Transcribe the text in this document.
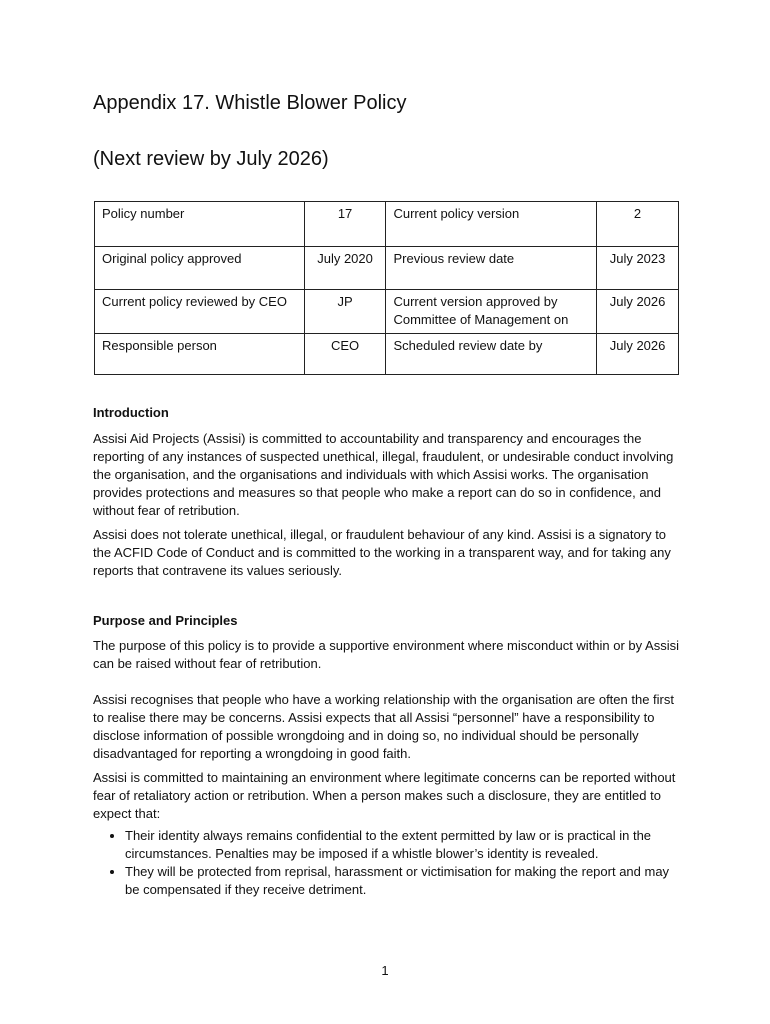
Appendix 17. Whistle Blower Policy
(Next review by July 2026)
Policy number	17	Current policy version	2
Original policy approved	July 2020	Previous review date	July 2023
Current policy reviewed by CEO	JP	Current version approved by Committee of Management on	July 2026
Responsible person	CEO	Scheduled review date by	July 2026
Introduction

Assisi Aid Projects (Assisi) is committed to accountability and transparency and encourages the reporting of any instances of suspected unethical, illegal, fraudulent, or undesirable conduct involving the organisation, and the organisations and individuals with which Assisi works. The organisation provides protections and measures so that people who make a report can do so in confidence, and without fear of retribution.

Assisi does not tolerate unethical, illegal, or fraudulent behaviour of any kind. Assisi is a signatory to the ACFID Code of Conduct and is committed to the working in a transparent way, and for taking any reports that contravene its values seriously.

Purpose and Principles

The purpose of this policy is to provide a supportive environment where misconduct within or by Assisi can be raised without fear of retribution.

Assisi recognises that people who have a working relationship with the organisation are often the first to realise there may be concerns. Assisi expects that all Assisi “personnel” have a responsibility to disclose information of possible wrongdoing and in doing so, no individual should be personally disadvantaged for reporting a wrongdoing in good faith.

Assisi is committed to maintaining an environment where legitimate concerns can be reported without fear of retaliatory action or retribution. When a person makes such a disclosure, they are entitled to expect that:

• Their identity always remains confidential to the extent permitted by law or is practical in the circumstances. Penalties may be imposed if a whistle blower’s identity is revealed.
• They will be protected from reprisal, harassment or victimisation for making the report and may be compensated if they receive detriment.
1
